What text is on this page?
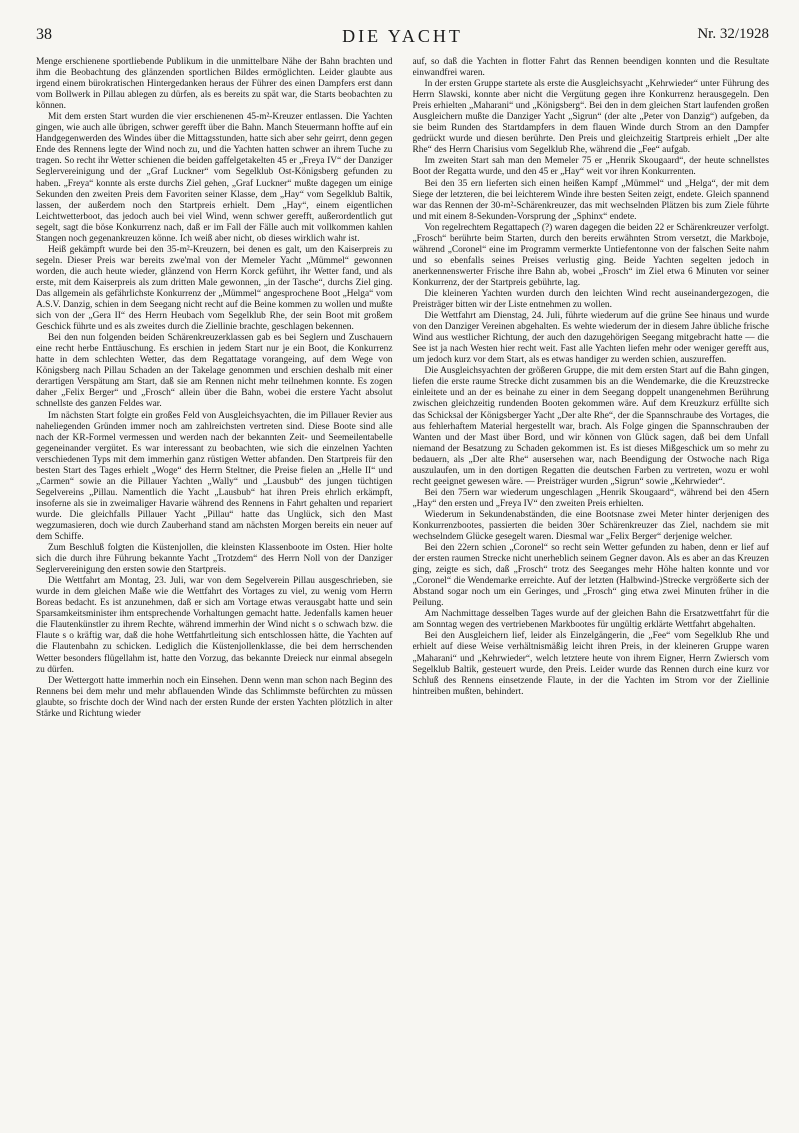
38	DIE YACHT	Nr. 32/1928

Menge erschienene sportliebende Publikum in die unmittelbare Nähe der Bahn brachten und ihm die Beobachtung des glänzenden sportlichen Bildes ermöglichten. Leider glaubte aus irgend einem bürokratischen Hintergedanken heraus der Führer des einen Dampfers erst dann vom Bollwerk in Pillau ablegen zu dürfen, als es bereits zu spät war, die Starts beobachten zu können.

Mit dem ersten Start wurden die vier erschienenen 45-m²-Kreuzer entlassen. Die Yachten gingen, wie auch alle übrigen, schwer gerefft über die Bahn. Manch Steuermann hoffte auf ein Handgegenwerden des Windes über die Mittagsstunden, hatte sich aber sehr geirrt, denn gegen Ende des Rennens legte der Wind noch zu, und die Yachten hatten schwer an ihrem Tuche zu tragen. So recht ihr Wetter schienen die beiden gaffelgetakelten 45 er „Freya IV“ der Danziger Seglervereinigung und der „Graf Luckner“ vom Segelklub Ost-Königsberg gefunden zu haben. „Freya“ konnte als erste durchs Ziel gehen, „Graf Luckner“ mußte dagegen um einige Sekunden den zweiten Preis dem Favoriten seiner Klasse, dem „Hay“ vom Segelklub Baltik, lassen, der außerdem noch den Startpreis erhielt. Dem „Hay“, einem eigentlichen Leichtwetterboot, das jedoch auch bei viel Wind, wenn schwer gerefft, außerordentlich gut segelt, sagt die böse Konkurrenz nach, daß er im Fall der Fälle auch mit vollkommen kahlen Stangen noch gegenankreuzen könne. Ich weiß aber nicht, ob dieses wirklich wahr ist.

Heiß gekämpft wurde bei den 35-m²-Kreuzern, bei denen es galt, um den Kaiserpreis zu segeln. Dieser Preis war bereits zwe'mal von der Memeler Yacht „Mümmel“ gewonnen worden, die auch heute wieder, glänzend von Herrn Korck geführt, ihr Wetter fand, und als erste, mit dem Kaiserpreis als zum dritten Male gewonnen, „in der Tasche“, durchs Ziel ging. Das allgemein als gefährlichste Konkurrenz der „Mümmel“ angesprochene Boot „Helga“ vom A.S.V. Danzig, schien in dem Seegang nicht recht auf die Beine kommen zu wollen und mußte sich von der „Gera II“ des Herrn Heubach vom Segelklub Rhe, der sein Boot mit großem Geschick führte und es als zweites durch die Ziellinie brachte, geschlagen bekennen.

Bei den nun folgenden beiden Schärenkreuzerklassen gab es bei Seglern und Zuschauern eine recht herbe Enttäuschung. Es erschien in jedem Start nur je ein Boot, die Konkurrenz hatte in dem schlechten Wetter, das dem Regattatage vorangeing, auf dem Wege von Königsberg nach Pillau Schaden an der Takelage genommen und erschien deshalb mit einer derartigen Verspätung am Start, daß sie am Rennen nicht mehr teilnehmen konnte. Es zogen daher „Felix Berger“ und „Frosch“ allein über die Bahn, wobei die erstere Yacht absolut schnellste des ganzen Feldes war.

Im nächsten Start folgte ein großes Feld von Ausgleichsyachten, die im Pillauer Revier aus naheliegenden Gründen immer noch am zahlreichsten vertreten sind. Diese Boote sind alle nach der KR-Formel vermessen und werden nach der bekannten Zeit- und Seemeilentabelle gegeneinander vergütet. Es war interessant zu beobachten, wie sich die einzelnen Yachten verschiedenen Typs mit dem immerhin ganz rüstigen Wetter abfanden. Den Startpreis für den besten Start des Tages erhielt „Woge“ des Herrn Steltner, die Preise fielen an „Helle II“ und „Carmen“ sowie an die Pillauer Yachten „Wally“ und „Lausbub“ des jungen tüchtigen Segelvereins „Pillau. Namentlich die Yacht „Lausbub“ hat ihren Preis ehrlich erkämpft, insoferne als sie in zweimaliger Havarie während des Rennens in Fahrt gehalten und repariert wurde. Die gleichfalls Pillauer Yacht „Pillau“ hatte das Unglück, sich den Mast wegzumasieren, doch wie durch Zauberhand stand am nächsten Morgen bereits ein neuer auf dem Schiffe.

Zum Beschluß folgten die Küstenjollen, die kleinsten Klassenboote im Osten. Hier holte sich die durch ihre Führung bekannte Yacht „Trotzdem“ des Herrn Noll von der Danziger Seglervereinigung den ersten sowie den Startpreis.

Die Wettfahrt am Montag, 23. Juli, war von dem Segelverein Pillau ausgeschrieben, sie wurde in dem gleichen Maße wie die Wettfahrt des Vortages zu viel, zu wenig vom Herrn Boreas bedacht. Es ist anzunehmen, daß er sich am Vortage etwas verausgabt hatte und sein Sparsamkeitsminister ihm entsprechende Vorhaltungen gemacht hatte. Jedenfalls kamen heuer die Flautenkünstler zu ihrem Rechte, während immerhin der Wind nicht s o schwach bzw. die Flaute s o kräftig war, daß die hohe Wettfahrtleitung sich entschlossen hätte, die Yachten auf die Flautenbahn zu schicken. Lediglich die Küstenjollenklasse, die bei dem herrschenden Wetter besonders flügellahm ist, hatte den Vorzug, das bekannte Dreieck nur einmal absegeln zu dürfen.

Der Wettergott hatte immerhin noch ein Einsehen. Denn wenn man schon nach Beginn des Rennens bei dem mehr und mehr abflauenden Winde das Schlimmste befürchten zu müssen glaubte, so frischte doch der Wind nach der ersten Runde der ersten Yachten plötzlich in alter Stärke und Richtung wieder

auf, so daß die Yachten in flotter Fahrt das Rennen beendigen konnten und die Resultate einwandfrei waren.

In der ersten Gruppe startete als erste die Ausgleichsyacht „Kehrwieder“ unter Führung des Herrn Slawski, konnte aber nicht die Vergütung gegen ihre Konkurrenz herausgegeln. Den Preis erhielten „Maharani“ und „Königsberg“. Bei den in dem gleichen Start laufenden großen Ausgleichern mußte die Danziger Yacht „Sigrun“ (der alte „Peter von Danzig“) aufgeben, da sie beim Runden des Startdampfers in dem flauen Winde durch Strom an den Dampfer gedrückt wurde und diesen berührte. Den Preis und gleichzeitig Startpreis erhielt „Der alte Rhe“ des Herrn Charisius vom Segelklub Rhe, während die „Fee“ aufgab.

Im zweiten Start sah man den Memeler 75 er „Henrik Skougaard“, der heute schnellstes Boot der Regatta wurde, und den 45 er „Hay“ weit vor ihren Konkurrenten.

Bei den 35 ern lieferten sich einen heißen Kampf „Mümmel“ und „Helga“, der mit dem Siege der letzteren, die bei leichterem Winde ihre besten Seiten zeigt, endete. Gleich spannend war das Rennen der 30-m²-Schärenkreuzer, das mit wechselnden Plätzen bis zum Ziele führte und mit einem 8-Sekunden-Vorsprung der „Sphinx“ endete.

Von regelrechtem Regattapech (?) waren dagegen die beiden 22 er Schärenkreuzer verfolgt. „Frosch“ berührte beim Starten, durch den bereits erwähnten Strom versetzt, die Markboje, während „Coronel“ eine im Programm vermerkte Untiefentonne von der falschen Seite nahm und so ebenfalls seines Preises verlustig ging. Beide Yachten segelten jedoch in anerkennenswerter Frische ihre Bahn ab, wobei „Frosch“ im Ziel etwa 6 Minuten vor seiner Konkurrenz, der der Startpreis gebührte, lag.

Die kleineren Yachten wurden durch den leichten Wind recht auseinandergezogen, die Preisträger bitten wir der Liste entnehmen zu wollen.

Die Wettfahrt am Dienstag, 24. Juli, führte wiederum auf die grüne See hinaus und wurde von den Danziger Vereinen abgehalten. Es wehte wiederum der in diesem Jahre übliche frische Wind aus westlicher Richtung, der auch den dazugehörigen Seegang mitgebracht hatte — die See ist ja nach Westen hier recht weit. Fast alle Yachten liefen mehr oder weniger gerefft aus, um jedoch kurz vor dem Start, als es etwas handiger zu werden schien, auszureffen.

Die Ausgleichsyachten der größeren Gruppe, die mit dem ersten Start auf die Bahn gingen, liefen die erste raume Strecke dicht zusammen bis an die Wendemarke, die die Kreuzstrecke einleitete und an der es beinahe zu einer in dem Seegang doppelt unangenehmen Berührung zwischen gleichzeitig rundenden Booten gekommen wäre. Auf dem Kreuzkurz erfüllte sich das Schicksal der Königsberger Yacht „Der alte Rhe“, der die Spannschraube des Vortages, die aus fehlerhaftem Material hergestellt war, brach. Als Folge gingen die Spannschrauben der Wanten und der Mast über Bord, und wir können von Glück sagen, daß bei dem Unfall niemand der Besatzung zu Schaden gekommen ist. Es ist dieses Mißgeschick um so mehr zu bedauern, als „Der alte Rhe“ ausersehen war, nach Beendigung der Ostwoche nach Riga auszulaufen, um in den dortigen Regatten die deutschen Farben zu vertreten, wozu er wohl recht geeignet gewesen wäre. — Preisträger wurden „Sigrun“ sowie „Kehrwieder“.

Bei den 75ern war wiederum ungeschlagen „Henrik Skougaard“, während bei den 45ern „Hay“ den ersten und „Freya IV“ den zweiten Preis erhielten.

Wiederum in Sekundenabständen, die eine Bootsnase zwei Meter hinter derjenigen des Konkurrenzbootes, passierten die beiden 30er Schärenkreuzer das Ziel, nachdem sie mit wechselndem Glücke gesegelt waren. Diesmal war „Felix Berger“ derjenige welcher.

Bei den 22ern schien „Coronel“ so recht sein Wetter gefunden zu haben, denn er lief auf der ersten raumen Strecke nicht unerheblich seinem Gegner davon. Als es aber an das Kreuzen ging, zeigte es sich, daß „Frosch“ trotz des Seeganges mehr Höhe halten konnte und vor „Coronel“ die Wendemarke erreichte. Auf der letzten (Halbwind-)Strecke vergrößerte sich der Abstand sogar noch um ein Geringes, und „Frosch“ ging etwa zwei Minuten früher in die Peilung.

Am Nachmittage desselben Tages wurde auf der gleichen Bahn die Ersatzwettfahrt für die am Sonntag wegen des vertriebenen Markbootes für ungültig erklärte Wettfahrt abgehalten.

Bei den Ausgleichern lief, leider als Einzelgängerin, die „Fee“ vom Segelklub Rhe und erhielt auf diese Weise verhältnismäßig leicht ihren Preis, in der kleineren Gruppe waren „Maharani“ und „Kehrwieder“, welch letztere heute von ihrem Eigner, Herrn Zwiersch vom Segelklub Baltik, gesteuert wurde, den Preis. Leider wurde das Rennen durch eine kurz vor Schluß des Rennens einsetzende Flaute, in der die Yachten im Strom vor der Ziellinie hintreiben mußten, behindert.
